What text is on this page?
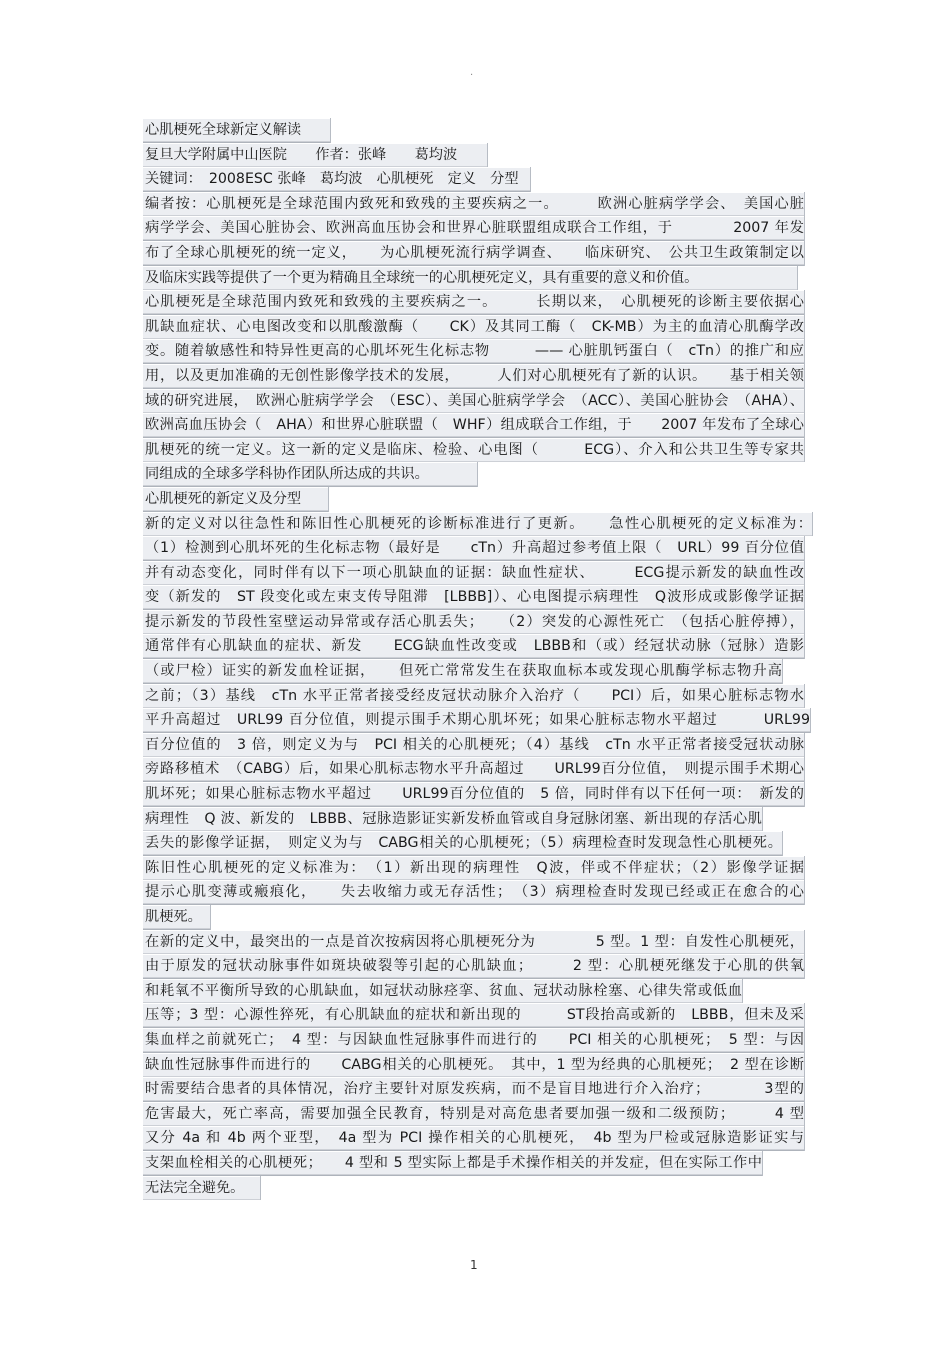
·
心肌梗死全球新定义解读
复旦大学附属中山医院　　作者：张峰　　葛均波
关键词：　2008ESC 张峰　葛均波　心肌梗死　定义　分型
编者按：心肌梗死是全球范围内致死和致残的主要疾病之一。　　　欧洲心脏病学学会、　美国心脏
病学学会、美国心脏协会、欧洲高血压协会和世界心脏联盟组成联合工作组，于　　　　2007 年发
布了全球心肌梗死的统一定义，　　为心肌梗死流行病学调查、　　临床研究、　公共卫生政策制定以
及临床实践等提供了一个更为精确且全球统一的心肌梗死定义，具有重要的意义和价值。
心肌梗死是全球范围内致死和致残的主要疾病之一。　　　长期以来，　心肌梗死的诊断主要依据心
肌缺血症状、心电图改变和以肌酸激酶（　　CK）及其同工酶（　CK-MB）为主的血清心肌酶学改
变。随着敏感性和特异性更高的心肌坏死生化标志物　　　—— 心脏肌钙蛋白（　cTn）的推广和应
用，以及更加准确的无创性影像学技术的发展，　　　人们对心肌梗死有了新的认识。　　基于相关领
域的研究进展，　欧洲心脏病学学会　（ESC）、美国心脏病学学会　（ACC）、美国心脏协会　（AHA）、
欧洲高血压协会（　AHA）和世界心脏联盟（　WHF）组成联合工作组，于　　2007 年发布了全球心
肌梗死的统一定义。这一新的定义是临床、检验、心电图（　　　ECG）、介入和公共卫生等专家共
同组成的全球多学科协作团队所达成的共识。
心肌梗死的新定义及分型
新的定义对以往急性和陈旧性心肌梗死的诊断标准进行了更新。　　急性心肌梗死的定义标准为：
（1）检测到心肌坏死的生化标志物（最好是　　cTn）升高超过参考值上限（　URL）99 百分位值
并有动态变化，同时伴有以下一项心肌缺血的证据：缺血性症状、　　　ECG提示新发的缺血性改
变（新发的　ST 段变化或左束支传导阻滞　[LBBB]）、心电图提示病理性　Q波形成或影像学证据
提示新发的节段性室壁运动异常或存活心肌丢失；　　（2）突发的心源性死亡　（包括心脏停搏），
通常伴有心肌缺血的症状、新发　　ECG缺血性改变或　LBBB和（或）经冠状动脉（冠脉）造影
（或尸检）证实的新发血栓证据，　　但死亡常常发生在获取血标本或发现心肌酶学标志物升高
之前；（3）基线　cTn 水平正常者接受经皮冠状动脉介入治疗（　　PCI）后，如果心脏标志物水
平升高超过　URL99 百分位值，则提示围手术期心肌坏死；如果心脏标志物水平超过　　　URL99
百分位值的　3 倍，则定义为与　PCI 相关的心肌梗死；（4）基线　cTn 水平正常者接受冠状动脉
旁路移植术　（CABG）后，如果心肌标志物水平升高超过　　URL99百分位值，　则提示围手术期心
肌坏死；如果心脏标志物水平超过　　URL99百分位值的　5 倍，同时伴有以下任何一项：　新发的
病理性　Q 波、新发的　LBBB、冠脉造影证实新发桥血管或自身冠脉闭塞、新出现的存活心肌
丢失的影像学证据，　则定义为与　CABG相关的心肌梗死；（5）病理检查时发现急性心肌梗死。
陈旧性心肌梗死的定义标准为：　（1）新出现的病理性　Q波，伴或不伴症状；（2）影像学证据
提示心肌变薄或瘢痕化，　　失去收缩力或无存活性；　（3）病理检查时发现已经或正在愈合的心
肌梗死。
在新的定义中，最突出的一点是首次按病因将心肌梗死分为　　　　5 型。1 型：自发性心肌梗死，
由于原发的冠状动脉事件如斑块破裂等引起的心肌缺血；　　　2 型：心肌梗死继发于心肌的供氧
和耗氧不平衡所导致的心肌缺血，如冠状动脉痉挛、贫血、冠状动脉栓塞、心律失常或低血
压等；3 型：心源性猝死，有心肌缺血的症状和新出现的　　　ST段抬高或新的　LBBB，但未及采
集血样之前就死亡；　4 型：与因缺血性冠脉事件而进行的　　PCI 相关的心肌梗死；　5 型：与因
缺血性冠脉事件而进行的　　CABG相关的心肌梗死。　其中，1 型为经典的心肌梗死；　2 型在诊断
时需要结合患者的具体情况，治疗主要针对原发疾病，而不是盲目地进行介入治疗；　　　　3型的
危害最大，死亡率高，需要加强全民教育，特别是对高危患者要加强一级和二级预防；　　　4 型
又分 4a 和 4b 两个亚型，　4a 型为 PCI 操作相关的心肌梗死，　4b 型为尸检或冠脉造影证实与
支架血栓相关的心肌梗死；　　4 型和 5 型实际上都是手术操作相关的并发症，但在实际工作中
无法完全避免。
1
